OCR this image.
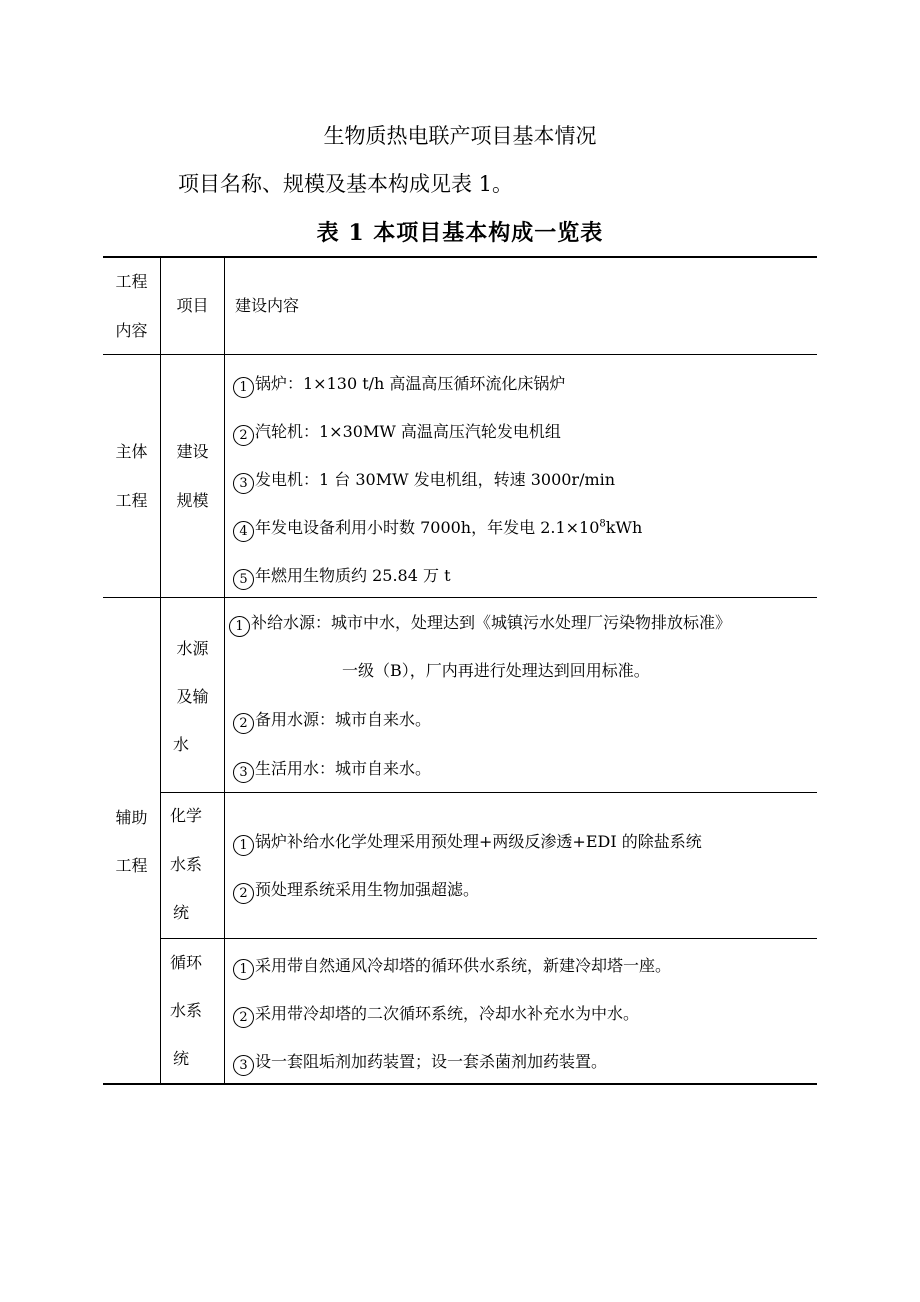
生物质热电联产项目基本情况
项目名称、规模及基本构成见表 1。
表 1 本项目基本构成一览表
工程
内容
项目	建设内容
主体
工程
建设
规模
1 锅炉：1×130 t/h 高温高压循环流化床锅炉
2 汽轮机：1×30MW 高温高压汽轮发电机组
3 发电机：1 台 30MW 发电机组，转速 3000r/min
4 年发电设备利用小时数 7000h，年发电 $2.1\times 10^8kWh$
5 年燃用生物质约 25.84 万 t
辅助
工程
水源
及输
水
1 补给水源：城市中水，处理达到《城镇污水处理厂污染物排放标准》
一级（B），厂内再进行处理达到回用标准。
2 备用水源：城市自来水。
3 生活用水：城市自来水。
化学
水系
统
1 锅炉补给水化学处理采用预处理+两级反渗透+EDI 的除盐系统
2 预处理系统采用生物加强超滤。
循环
水系
统
1 采用带自然通风冷却塔的循环供水系统，新建冷却塔一座。
2 采用带冷却塔的二次循环系统，冷却水补充水为中水。
3 设一套阻垢剂加药装置；设一套杀菌剂加药装置。
